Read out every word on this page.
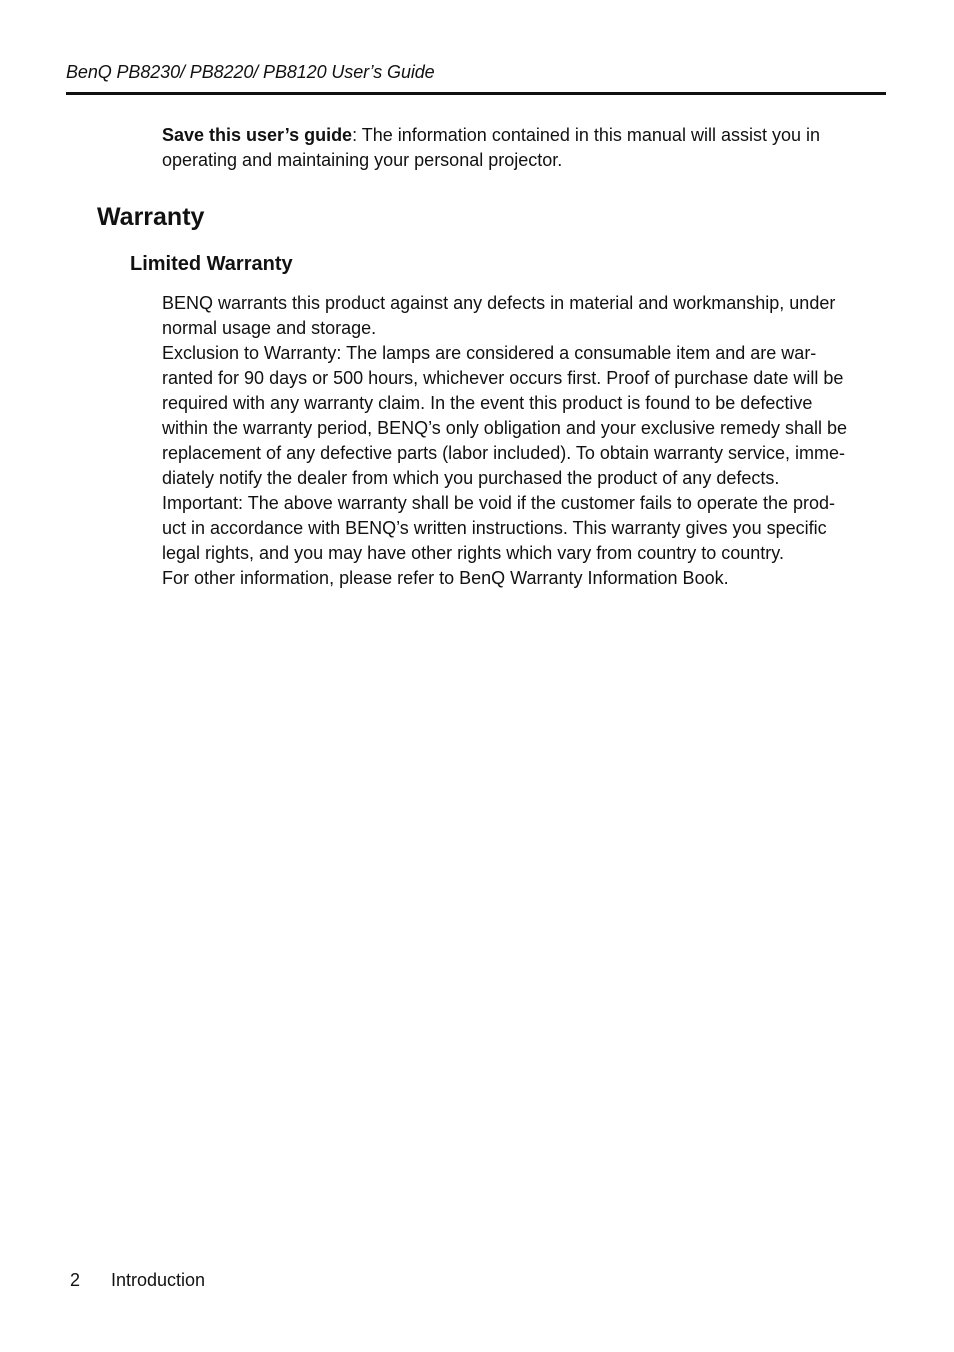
BenQ PB8230/ PB8220/ PB8120 User’s Guide
Save this user’s guide: The information contained in this manual will assist you in
operating and maintaining your personal projector.
Warranty
Limited Warranty
BENQ warrants this product against any defects in material and workmanship, under
normal usage and storage.
Exclusion to Warranty: The lamps are considered a consumable item and are war-
ranted for 90 days or 500 hours, whichever occurs first. Proof of purchase date will be
required with any warranty claim. In the event this product is found to be defective
within the warranty period, BENQ’s only obligation and your exclusive remedy shall be
replacement of any defective parts (labor included). To obtain warranty service, imme-
diately notify the dealer from which you purchased the product of any defects.
Important: The above warranty shall be void if the customer fails to operate the prod-
uct in accordance with BENQ’s written instructions. This warranty gives you specific
legal rights, and you may have other rights which vary from country to country.
For other information, please refer to BenQ Warranty Information Book.
2 Introduction
